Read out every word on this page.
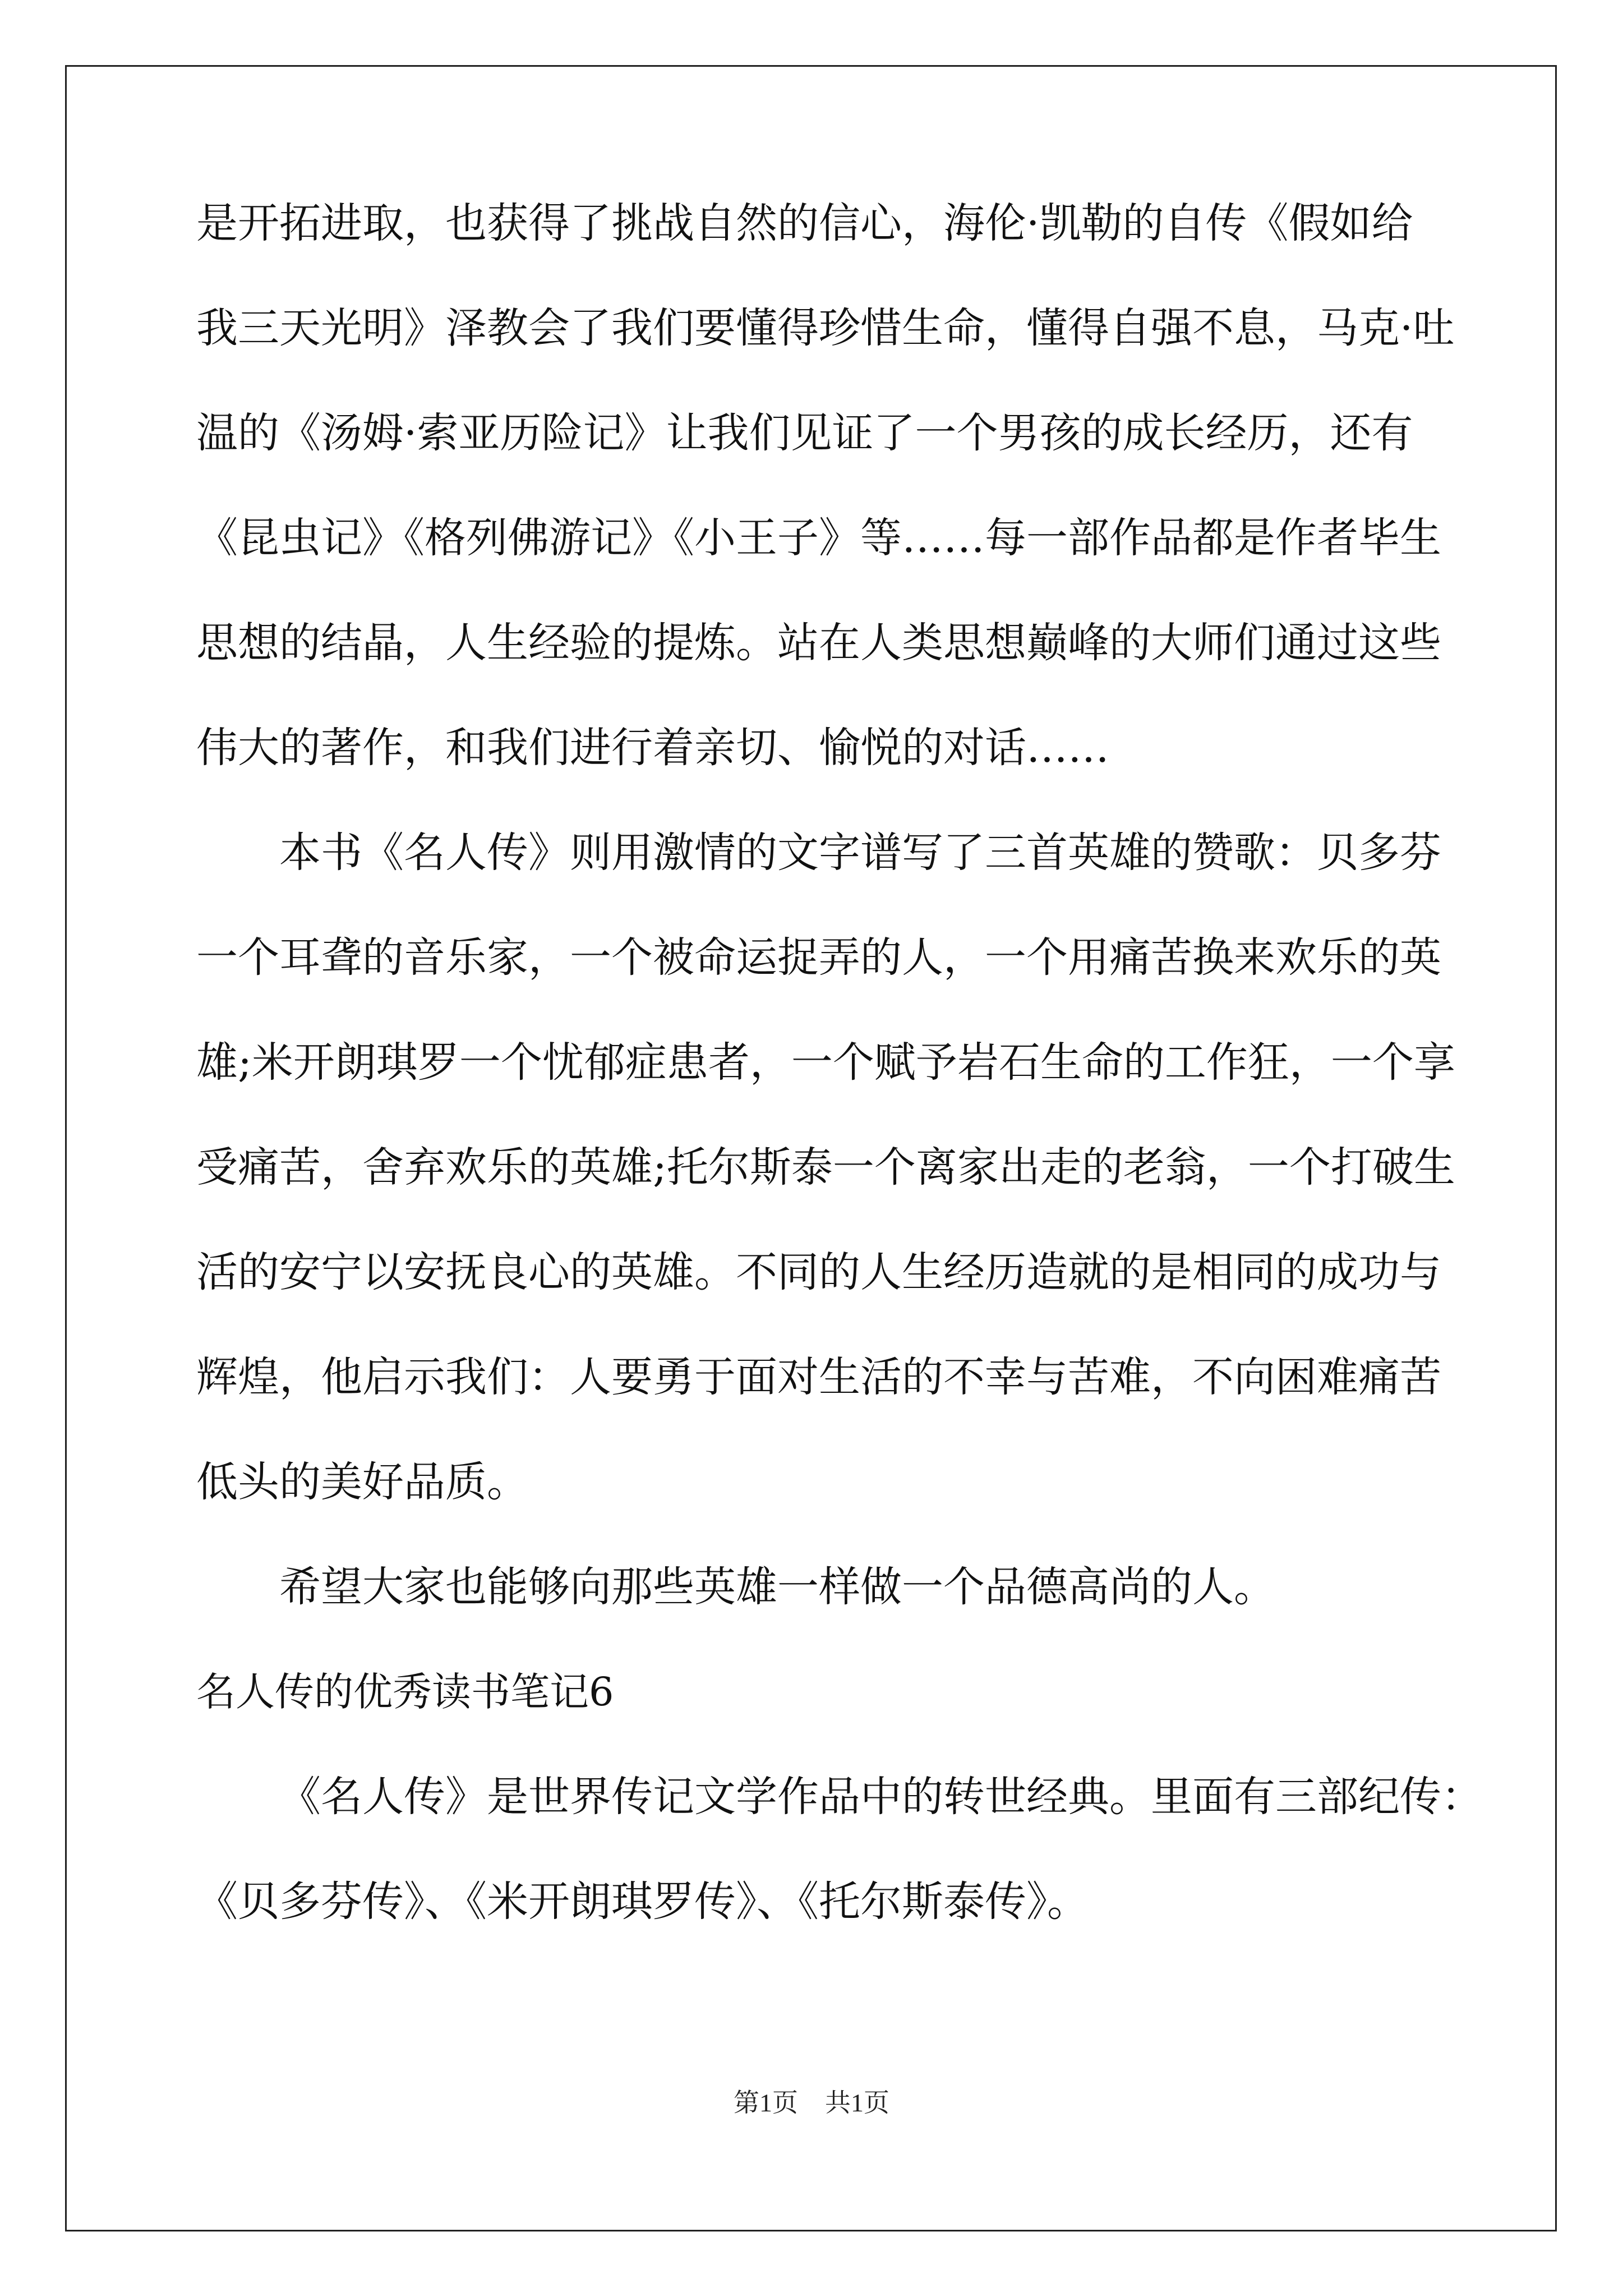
是开拓进取，也获得了挑战自然的信心，海伦·凯勒的自传《假如给
我三天光明》泽教会了我们要懂得珍惜生命，懂得自强不息，马克·吐
温的《汤姆·索亚历险记》让我们见证了一个男孩的成长经历，还有
《昆虫记》《格列佛游记》《小王子》等……每一部作品都是作者毕生
思想的结晶，人生经验的提炼。站在人类思想巅峰的大师们通过这些
伟大的著作，和我们进行着亲切、愉悦的对话……
本书《名人传》则用激情的文字谱写了三首英雄的赞歌：贝多芬
一个耳聋的音乐家，一个被命运捉弄的人，一个用痛苦换来欢乐的英
雄;米开朗琪罗一个忧郁症患者，一个赋予岩石生命的工作狂，一个享
受痛苦，舍弃欢乐的英雄;托尔斯泰一个离家出走的老翁，一个打破生
活的安宁以安抚良心的英雄。不同的人生经历造就的是相同的成功与
辉煌，他启示我们：人要勇于面对生活的不幸与苦难，不向困难痛苦
低头的美好品质。
希望大家也能够向那些英雄一样做一个品德高尚的人。
名人传的优秀读书笔记6
《名人传》是世界传记文学作品中的转世经典。里面有三部纪传：
《贝多芬传》、《米开朗琪罗传》、《托尔斯泰传》。
第1页 共1页
